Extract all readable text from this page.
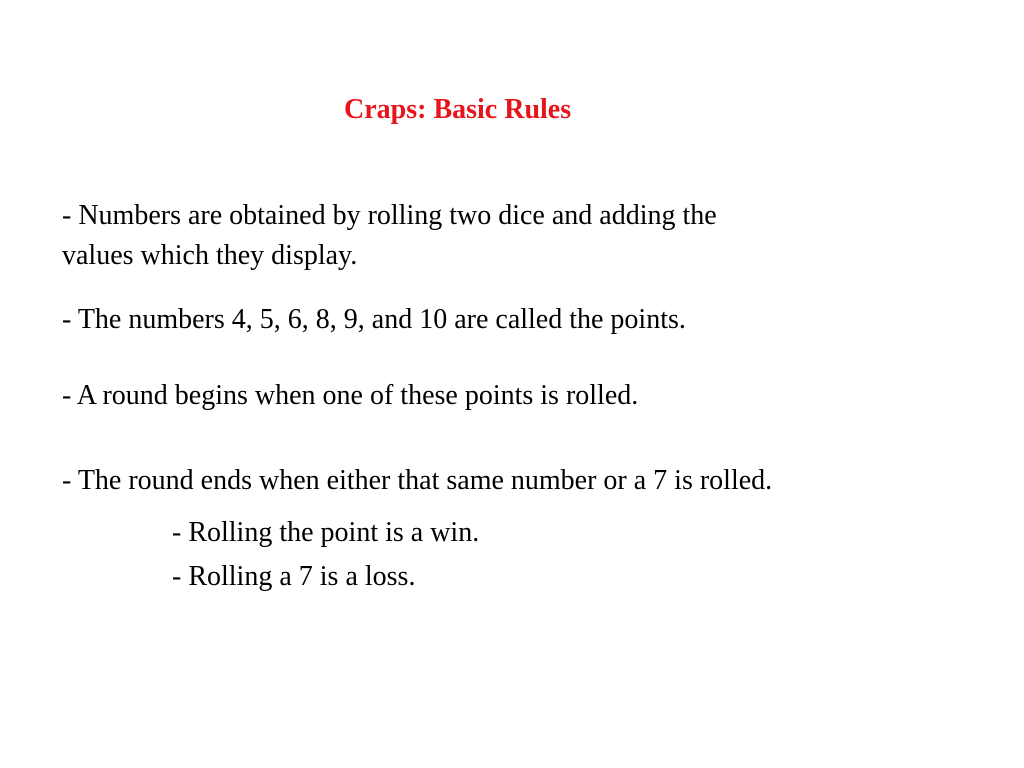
Craps: Basic Rules
- Numbers are obtained by rolling two dice and adding the
values which they display.
- The numbers 4, 5, 6, 8, 9, and 10 are called the points.
- A round begins when one of these points is rolled.
- The round ends when either that same number or a 7 is rolled.
- Rolling the point is a win.
- Rolling a 7 is a loss.
